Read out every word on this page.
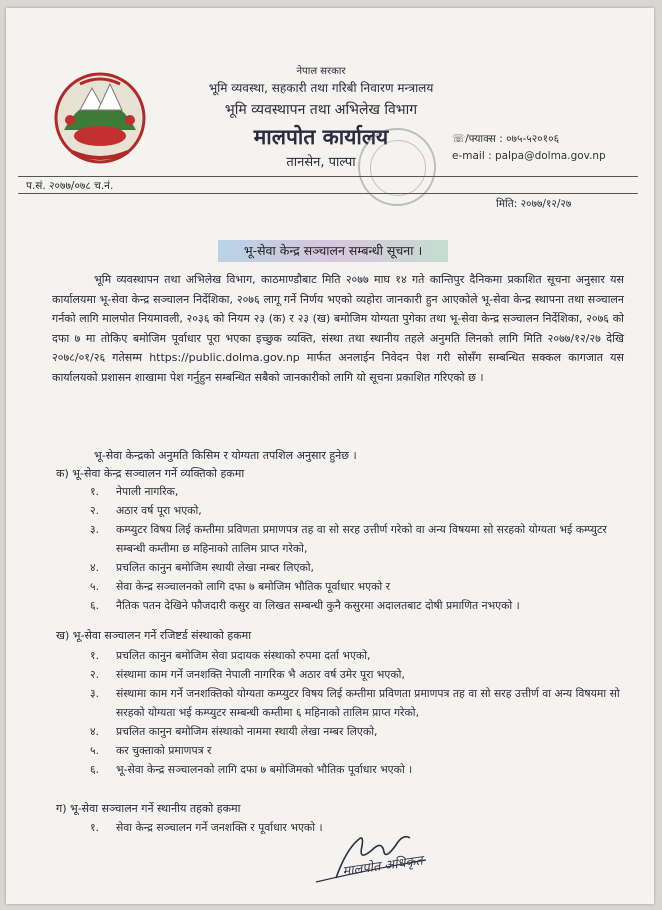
नेपाल सरकार
भूमि व्यवस्था, सहकारी तथा गरिबी निवारण मन्त्रालय
भूमि व्यवस्थापन तथा अभिलेख विभाग
मालपोत कार्यालय
तानसेन, पाल्पा
☏/फ्याक्स : ०७५-५२०१०६
e-mail : palpa@dolma.gov.np
प.सं. २०७७/०७८ च.नं.
मिति: २०७७/१२/२७
भू-सेवा केन्द्र सञ्चालन सम्बन्धी सूचना ।
भूमि व्यवस्थापन तथा अभिलेख विभाग, काठमाण्डौबाट मिति २०७७ माघ १४ गते कान्तिपुर दैनिकमा प्रकाशित सूचना अनुसार यस कार्यालयमा भू-सेवा केन्द्र सञ्चालन निर्देशिका, २०७६ लागू गर्ने निर्णय भएको व्यहोरा जानकारी हुन आएकोले भू-सेवा केन्द्र स्थापना तथा सञ्चालन गर्नको लागि मालपोत नियमावली, २०३६ को नियम २३ (क) र २३ (ख) बमोजिम योग्यता पुगेका तथा भू-सेवा केन्द्र सञ्चालन निर्देशिका, २०७६ को दफा ७ मा तोकिए बमोजिम पूर्वाधार पूरा भएका इच्छुक व्यक्ति, संस्था तथा स्थानीय तहले अनुमति लिनको लागि मिति २०७७/१२/२७ देखि २०७८/०१/२६ गतेसम्म https://public.dolma.gov.np मार्फत अनलाईन निवेदन पेश गरी सोसँग सम्बन्धित सक्कल कागजात यस कार्यालयको प्रशासन शाखामा पेश गर्नुहुन सम्बन्धित सबैको जानकारीको लागि यो सूचना प्रकाशित गरिएको छ ।
भू-सेवा केन्द्रको अनुमति किसिम र योग्यता तपशिल अनुसार हुनेछ ।
क) भू-सेवा केन्द्र सञ्चालन गर्ने व्यक्तिको हकमा
१.	नेपाली नागरिक,
२.	अठार वर्ष पूरा भएको,
३.	कम्प्युटर विषय लिई कम्तीमा प्रविणता प्रमाणपत्र तह वा सो सरह उत्तीर्ण गरेको वा अन्य विषयमा सो सरहको योग्यता भई कम्प्युटर सम्बन्धी कम्तीमा छ महिनाको तालिम प्राप्त गरेको,
४.	प्रचलित कानुन बमोजिम स्थायी लेखा नम्बर लिएको,
५.	सेवा केन्द्र सञ्चालनको लागि दफा ७ बमोजिम भौतिक पूर्वाधार भएको र
६.	नैतिक पतन देखिने फौजदारी कसुर वा लिखत सम्बन्धी कुनै कसुरमा अदालतबाट दोषी प्रमाणित नभएको ।
ख) भू-सेवा सञ्चालन गर्ने रजिष्टर्ड संस्थाको हकमा
१.	प्रचलित कानुन बमोजिम सेवा प्रदायक संस्थाको रुपमा दर्ता भएको,
२.	संस्थामा काम गर्ने जनशक्ति नेपाली नागरिक भै अठार वर्ष उमेर पूरा भएको,
३.	संस्थामा काम गर्ने जनशक्तिको योग्यता कम्प्युटर विषय लिई कम्तीमा प्रविणता प्रमाणपत्र तह वा सो सरह उत्तीर्ण वा अन्य विषयमा सो सरहको योग्यता भई कम्प्युटर सम्बन्धी कम्तीमा ६ महिनाको तालिम प्राप्त गरेको,
४.	प्रचलित कानुन बमोजिम संस्थाको नाममा स्थायी लेखा नम्बर लिएको,
५.	कर चुक्ताको प्रमाणपत्र र
६.	भू-सेवा केन्द्र सञ्चालनको लागि दफा ७ बमोजिमको भौतिक पूर्वाधार भएको ।
ग) भू-सेवा सञ्चालन गर्ने स्थानीय तहको हकमा
१.	सेवा केन्द्र सञ्चालन गर्ने जनशक्ति र पूर्वाधार भएको ।
मालपोत अधिकृत
